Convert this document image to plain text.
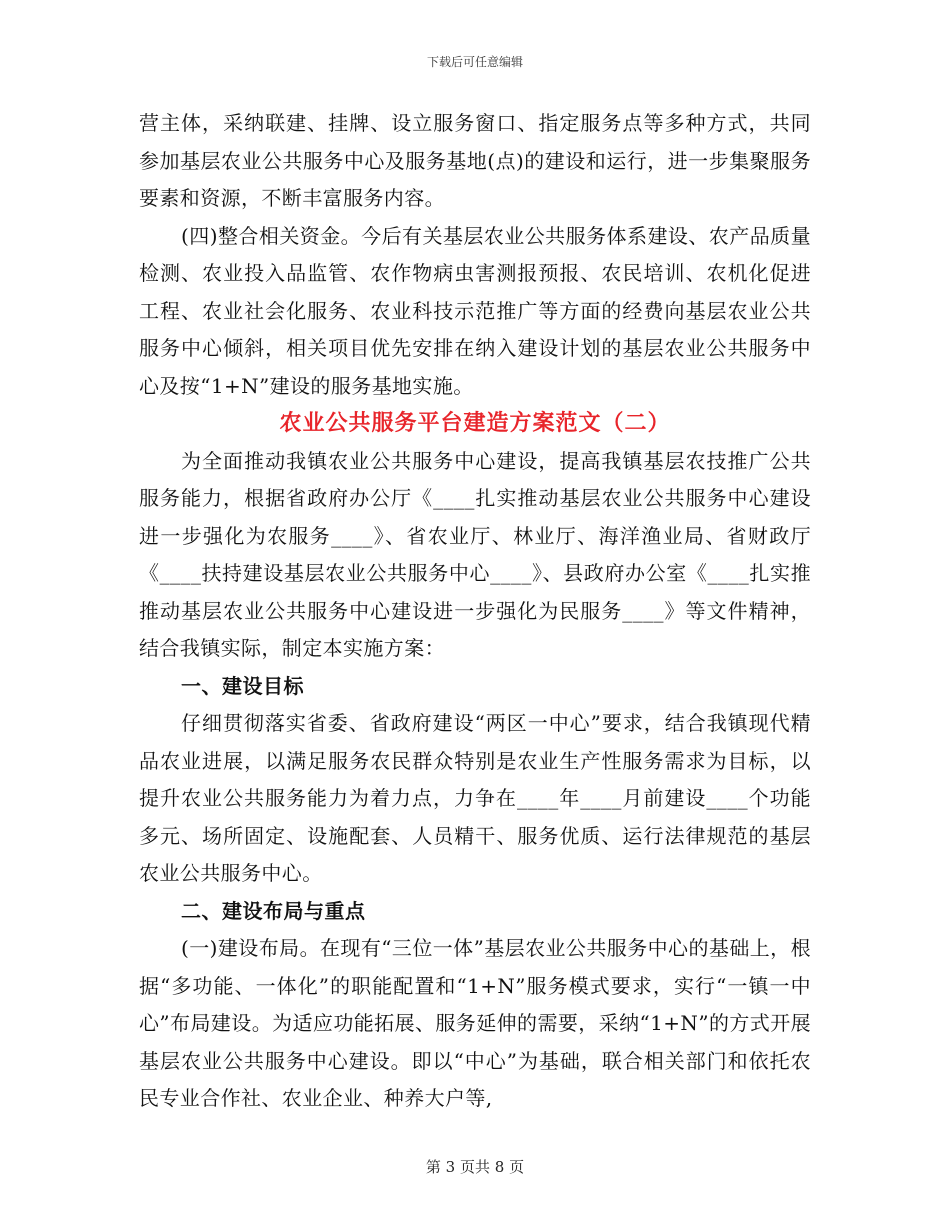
下载后可任意编辑

营主体，采纳联建、挂牌、设立服务窗口、指定服务点等多种方式，共同参加基层农业公共服务中心及服务基地(点)的建设和运行，进一步集聚服务要素和资源，不断丰富服务内容。

(四)整合相关资金。今后有关基层农业公共服务体系建设、农产品质量检测、农业投入品监管、农作物病虫害测报预报、农民培训、农机化促进工程、农业社会化服务、农业科技示范推广等方面的经费向基层农业公共服务中心倾斜，相关项目优先安排在纳入建设计划的基层农业公共服务中心及按“1+N”建设的服务基地实施。

农业公共服务平台建造方案范文（二）

为全面推动我镇农业公共服务中心建设，提高我镇基层农技推广公共服务能力，根据省政府办公厅《____扎实推动基层农业公共服务中心建设进一步强化为农服务____》、省农业厅、林业厅、海洋渔业局、省财政厅《____扶持建设基层农业公共服务中心____》、县政府办公室《____扎实推推动基层农业公共服务中心建设进一步强化为民服务____》等文件精神，结合我镇实际，制定本实施方案：

一、建设目标

仔细贯彻落实省委、省政府建设“两区一中心”要求，结合我镇现代精品农业进展，以满足服务农民群众特别是农业生产性服务需求为目标，以提升农业公共服务能力为着力点，力争在____年____月前建设____个功能多元、场所固定、设施配套、人员精干、服务优质、运行法律规范的基层农业公共服务中心。

二、建设布局与重点

(一)建设布局。在现有“三位一体”基层农业公共服务中心的基础上，根据“多功能、一体化”的职能配置和“1+N”服务模式要求，实行“一镇一中心”布局建设。为适应功能拓展、服务延伸的需要，采纳“1+N”的方式开展基层农业公共服务中心建设。即以“中心”为基础，联合相关部门和依托农民专业合作社、农业企业、种养大户等,

第 3 页共 8 页
